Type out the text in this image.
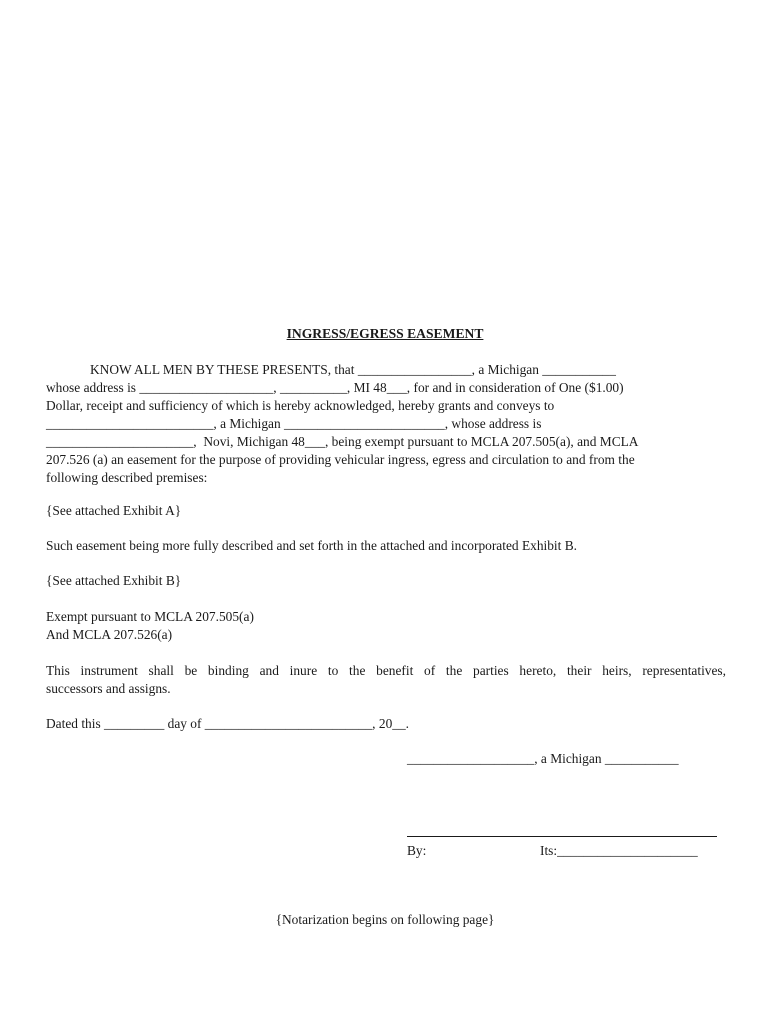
INGRESS/EGRESS EASEMENT
KNOW ALL MEN BY THESE PRESENTS, that _________________, a Michigan ___________
whose address is ____________________, __________, MI 48___, for and in consideration of One ($1.00)
Dollar, receipt and sufficiency of which is hereby acknowledged, hereby grants and conveys to
_________________________, a Michigan ________________________, whose address is
______________________,  Novi, Michigan 48___, being exempt pursuant to MCLA 207.505(a), and MCLA
207.526 (a) an easement for the purpose of providing vehicular ingress, egress and circulation to and from the
following described premises:
{See attached Exhibit A}
Such easement being more fully described and set forth in the attached and incorporated Exhibit B.
{See attached Exhibit B}
Exempt pursuant to MCLA 207.505(a)
And MCLA 207.526(a)
This instrument shall be binding and inure to the benefit of the parties hereto, their heirs, representatives,
successors and assigns.
Dated this _________ day of _________________________, 20__.
___________________, a Michigan ___________
By:	Its:_____________________
{Notarization begins on following page}
